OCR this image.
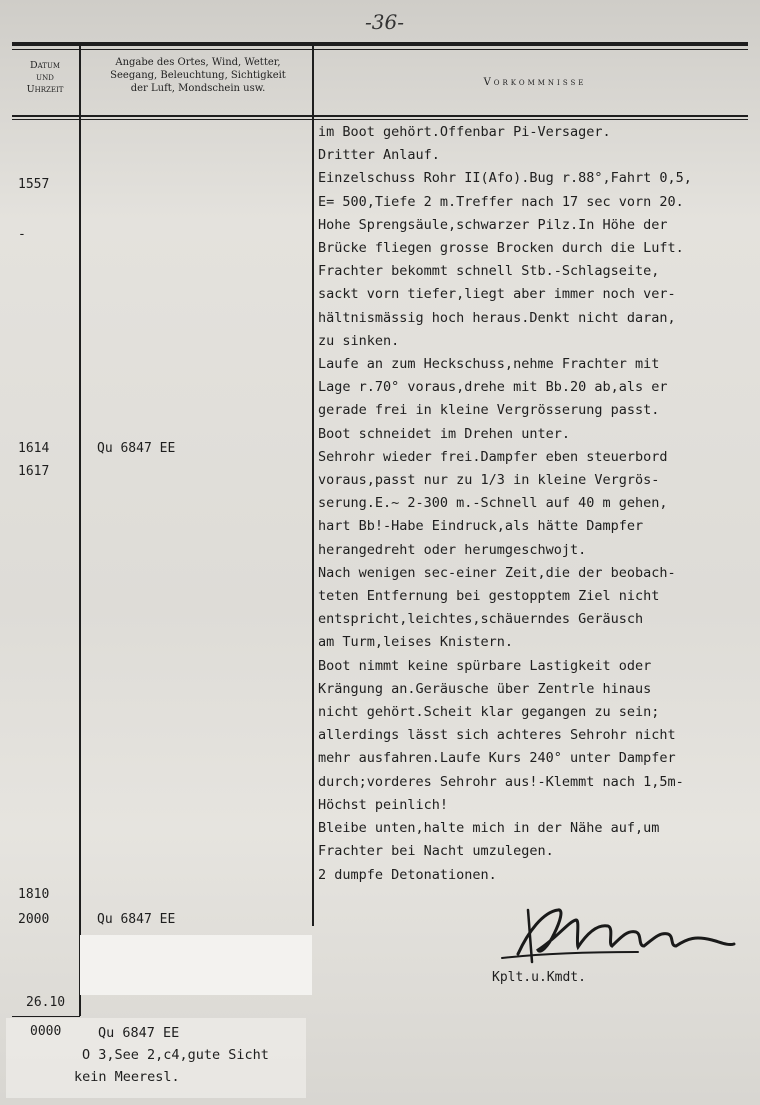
-36-
Datum
und
Uhrzeit
Angabe des Ortes, Wind, Wetter,
Seegang, Beleuchtung, Sichtigkeit
der Luft, Mondschein usw.
Vorkommnisse
1557
-
1614
1617
1810
2000
Qu 6847 EE
Qu 6847 EE
im Boot gehört.Offenbar Pi-Versager.
Dritter Anlauf.
Einzelschuss Rohr II(Afo).Bug r.88°,Fahrt 0,5,
E= 500,Tiefe 2 m.Treffer nach 17 sec vorn 20.
Hohe Sprengsäule,schwarzer Pilz.In Höhe der
Brücke fliegen grosse Brocken durch die Luft.
Frachter bekommt schnell Stb.-Schlagseite,
sackt vorn tiefer,liegt aber immer noch ver-
hältnismässig hoch heraus.Denkt nicht daran,
zu sinken.
Laufe an zum Heckschuss,nehme Frachter mit
Lage r.70° voraus,drehe mit Bb.20 ab,als er
gerade frei in kleine Vergrösserung passt.
Boot schneidet im Drehen unter.
Sehrohr wieder frei.Dampfer eben steuerbord
voraus,passt nur zu 1/3 in kleine Vergrös-
serung.E.~ 2-300 m.-Schnell auf 40 m gehen,
hart Bb!-Habe Eindruck,als hätte Dampfer
herangedreht oder herumgeschwojt.
Nach wenigen sec-einer Zeit,die der beobach-
teten Entfernung bei gestopptem Ziel nicht
entspricht,leichtes,schäuerndes Geräusch
am Turm,leises Knistern.
Boot nimmt keine spürbare Lastigkeit oder
Krängung an.Geräusche über Zentrle hinaus
nicht gehört.Scheit klar gegangen zu sein;
allerdings lässt sich achteres Sehrohr nicht
mehr ausfahren.Laufe Kurs 240° unter Dampfer
durch;vorderes Sehrohr aus!-Klemmt nach 1,5m-
Höchst peinlich!
Bleibe unten,halte mich in der Nähe auf,um
Frachter bei Nacht umzulegen.
2 dumpfe Detonationen.
Kplt.u.Kmdt.
26.10
0000	Qu 6847 EE
O 3,See 2,c4,gute Sicht
kein Meeresl.
